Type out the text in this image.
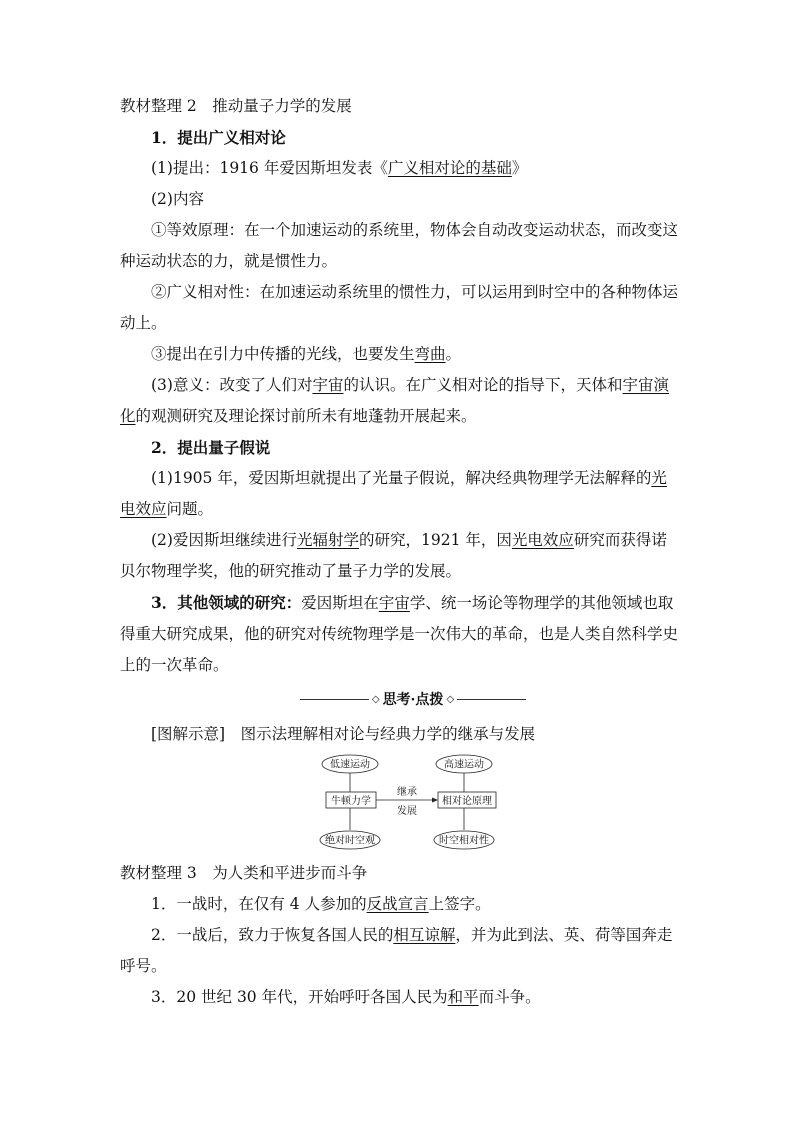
教材整理 2　推动量子力学的发展
1．提出广义相对论
(1)提出：1916 年爱因斯坦发表《广义相对论的基础》
(2)内容
①等效原理：在一个加速运动的系统里，物体会自动改变运动状态，而改变这种运动状态的力，就是惯性力。
②广义相对性：在加速运动系统里的惯性力，可以运用到时空中的各种物体运动上。
③提出在引力中传播的光线，也要发生弯曲。
(3)意义：改变了人们对宇宙的认识。在广义相对论的指导下，天体和宇宙演化的观测研究及理论探讨前所未有地蓬勃开展起来。
2．提出量子假说
(1)1905 年，爱因斯坦就提出了光量子假说，解决经典物理学无法解释的光电效应问题。
(2)爱因斯坦继续进行光辐射学的研究，1921 年，因光电效应研究而获得诺贝尔物理学奖，他的研究推动了量子力学的发展。
3．其他领域的研究：爱因斯坦在宇宙学、统一场论等物理学的其他领域也取得重大研究成果，他的研究对传统物理学是一次伟大的革命，也是人类自然科学史上的一次革命。
◇ 思考·点拨 ◇
[图解示意]　 图示法理解相对论与经典力学的继承与发展
低速运动	高速运动
牛顿力学	相对论原理
继承
发展
绝对时空观	时空相对性
教材整理 3　为人类和平进步而斗争
1．一战时，在仅有 4 人参加的反战宣言上签字。
2．一战后，致力于恢复各国人民的相互谅解，并为此到法、英、荷等国奔走呼号。
3．20 世纪 30 年代，开始呼吁各国人民为和平而斗争。
